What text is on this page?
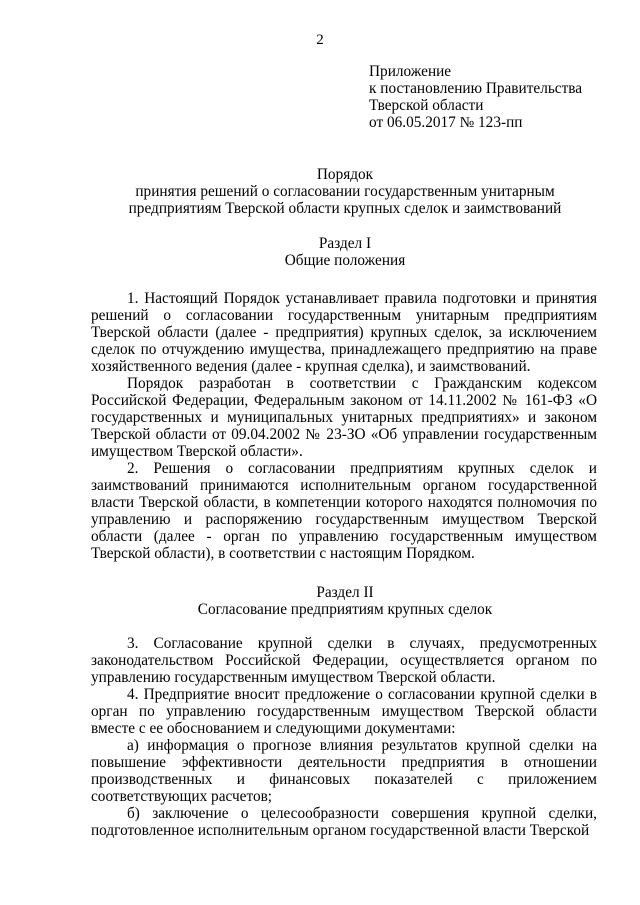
2
Приложение
к постановлению Правительства
Тверской области
от 06.05.2017 № 123-пп
Порядок
принятия решений о согласовании государственным унитарным
предприятиям Тверской области крупных сделок и заимствований
Раздел I
Общие положения

1. Настоящий Порядок устанавливает правила подготовки и принятия решений о согласовании государственным унитарным предприятиям Тверской области (далее - предприятия) крупных сделок, за исключением сделок по отчуждению имущества, принадлежащего предприятию на праве хозяйственного ведения (далее - крупная сделка), и заимствований.

Порядок разработан в соответствии с Гражданским кодексом Российской Федерации, Федеральным законом от 14.11.2002 № 161-ФЗ «О государственных и муниципальных унитарных предприятиях» и законом Тверской области от 09.04.2002 № 23-ЗО «Об управлении государственным имуществом Тверской области».

2. Решения о согласовании предприятиям крупных сделок и заимствований принимаются исполнительным органом государственной власти Тверской области, в компетенции которого находятся полномочия по управлению и распоряжению государственным имуществом Тверской области (далее - орган по управлению государственным имуществом Тверской области), в соответствии с настоящим Порядком.

Раздел II
Согласование предприятиям крупных сделок

3. Согласование крупной сделки в случаях, предусмотренных законодательством Российской Федерации, осуществляется органом по управлению государственным имуществом Тверской области.

4. Предприятие вносит предложение о согласовании крупной сделки в орган по управлению государственным имуществом Тверской области вместе с ее обоснованием и следующими документами:

а) информация о прогнозе влияния результатов крупной сделки на повышение эффективности деятельности предприятия в отношении производственных и финансовых показателей с приложением соответствующих расчетов;

б) заключение о целесообразности совершения крупной сделки, подготовленное исполнительным органом государственной власти Тверской
